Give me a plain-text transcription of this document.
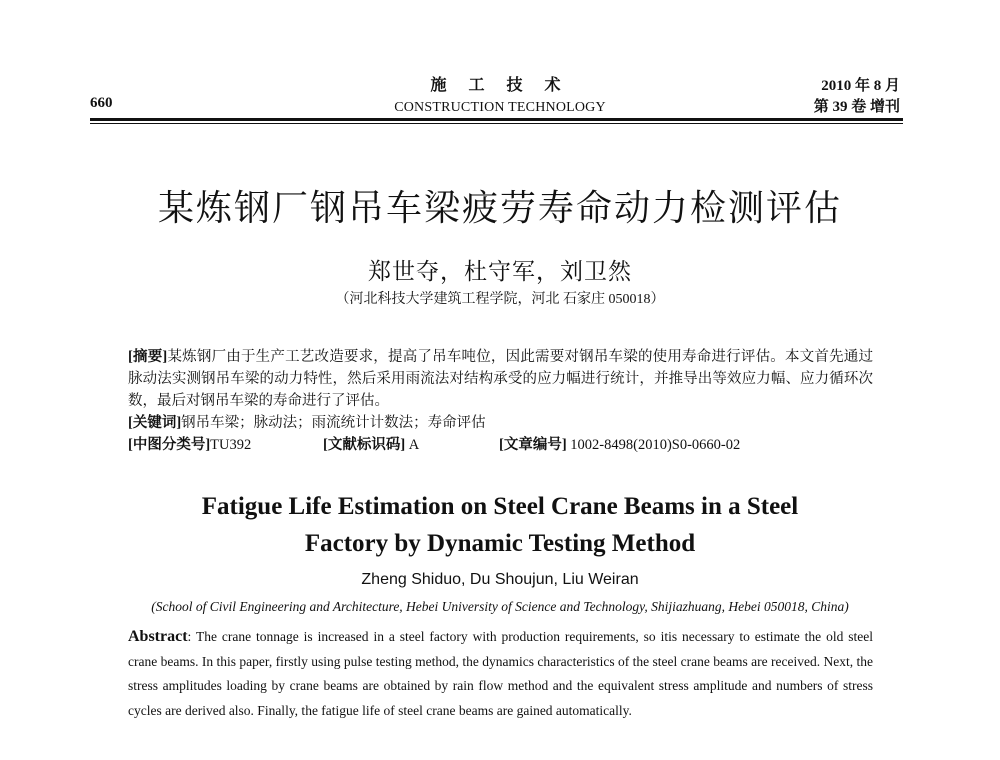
施 工 技 术
CONSTRUCTION TECHNOLOGY
660
2010 年 8 月
第 39 卷 增刊
某炼钢厂钢吊车梁疲劳寿命动力检测评估
郑世夺，杜守军，刘卫然
（河北科技大学建筑工程学院，河北 石家庄 050018）
[摘要]某炼钢厂由于生产工艺改造要求，提高了吊车吨位，因此需要对钢吊车梁的使用寿命进行评估。本文首先通过脉动法实测钢吊车梁的动力特性，然后采用雨流法对结构承受的应力幅进行统计，并推导出等效应力幅、应力循环次数，最后对钢吊车梁的寿命进行了评估。
[关键词]钢吊车梁；脉动法；雨流统计计数法；寿命评估
[中图分类号]TU392	[文献标识码] A	[文章编号] 1002-8498(2010)S0-0660-02
Fatigue Life Estimation on Steel Crane Beams in a Steel
Factory by Dynamic Testing Method
Zheng Shiduo, Du Shoujun, Liu Weiran
(School of Civil Engineering and Architecture, Hebei University of Science and Technology, Shijiazhuang, Hebei 050018, China)
Abstract: The crane tonnage is increased in a steel factory with production requirements, so itis necessary to estimate the old steel crane beams. In this paper, firstly using pulse testing method, the dynamics characteristics of the steel crane beams are received. Next, the stress amplitudes loading by crane beams are obtained by rain flow method and the equivalent stress amplitude and numbers of stress cycles are derived also. Finally, the fatigue life of steel crane beams are gained automatically.
